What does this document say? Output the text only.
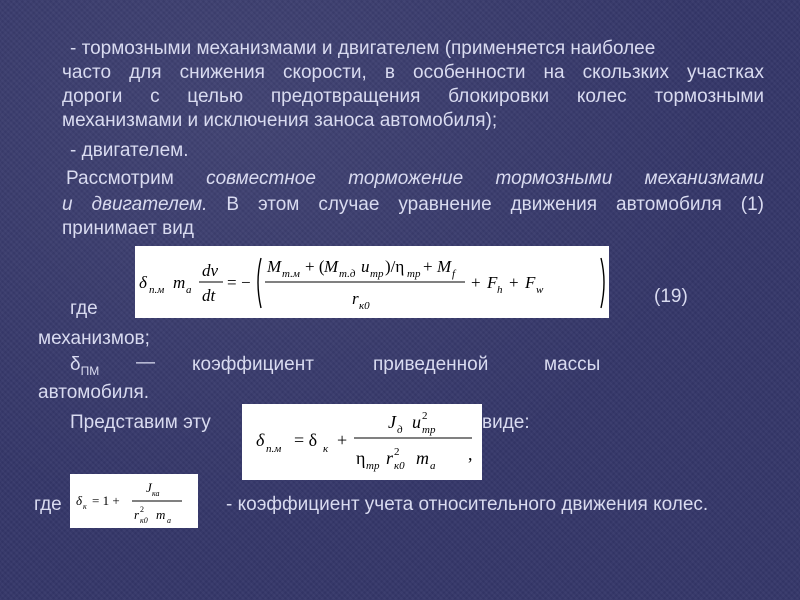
- тормозными механизмами и двигателем (применяется наиболее
часто для снижения скорости, в особенности на скользких участках
дороги с целью предотвращения блокировки колес тормозными
механизмами и исключения заноса автомобиля);
- двигателем.
Рассмотрим совместное торможение тормозными механизмами
и двигателем. В этом случае уравнение движения автомобиля (1)
принимает вид
где
механизмов;
δ п.м m a
dv
dt
= −
M т.м + ( M т.д u тр )/η тр + M f
r к0
+ F h + F w	(19)
$\delta_{ПМ}$ — коэффициент	приведенной	массы
автомобиля.
Представим эту	виде:
δ п.м = δ к +
J д u 2
тр
η тр r 2
к0 m a
,
где δ к = 1 +
J ка
r 2
к0 m a
- коэффициент учета относительного движения колес.
